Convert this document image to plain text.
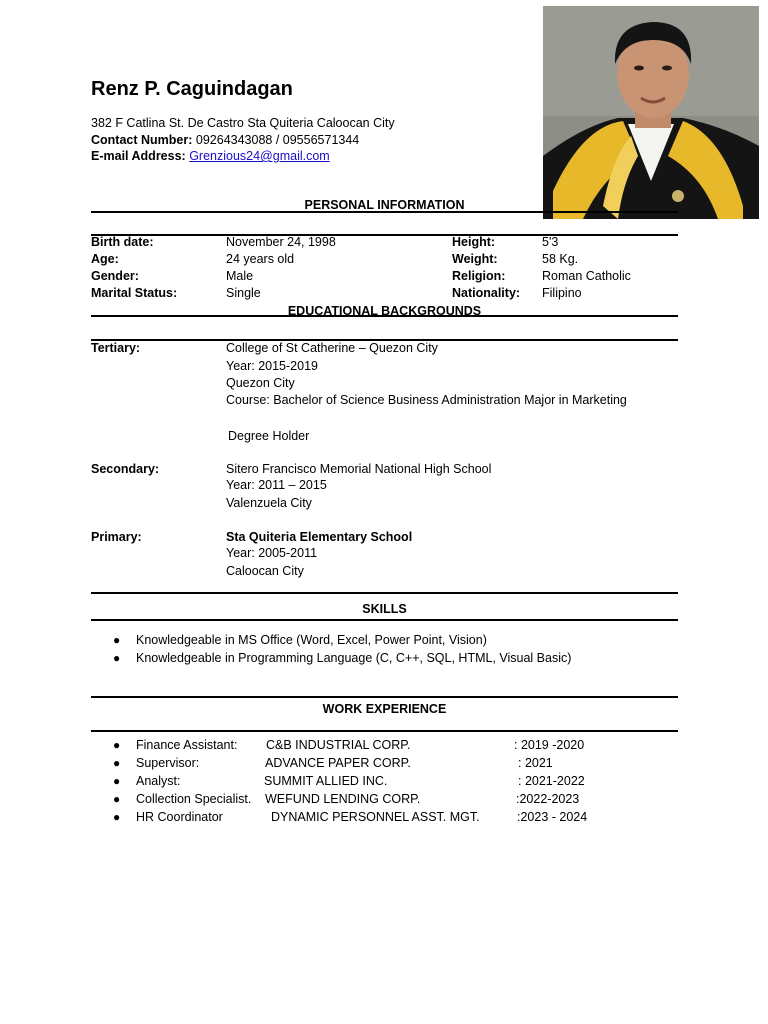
Renz P. Caguindagan
382 F Catlina St. De Castro Sta Quiteria Caloocan City
Contact Number: 09264343088 / 09556571344
E-mail Address: Grenzious24@gmail.com
PERSONAL INFORMATION
Birth date:	November 24, 1998
Age:	24 years old
Gender:	Male
Marital Status:	Single
Height:	5'3
Weight:	58 Kg.
Religion:	Roman Catholic
Nationality: Filipino
EDUCATIONAL BACKGROUNDS
Tertiary:	College of St Catherine – Quezon City
Year: 2015-2019
Quezon City
Course: Bachelor of Science Business Administration Major in Marketing
Degree Holder
Secondary:	Sitero Francisco Memorial National High School
Year: 2011 – 2015
Valenzuela City
Primary:	Sta Quiteria Elementary School
Year: 2005-2011
Caloocan City
SKILLS
● Knowledgeable in MS Office (Word, Excel, Power Point, Vision)
● Knowledgeable in Programming Language (C, C++, SQL, HTML, Visual Basic)
WORK EXPERIENCE
● Finance Assistant: C&B INDUSTRIAL CORP.	: 2019 -2020
● Supervisor:	ADVANCE PAPER CORP.	: 2021
● Analyst:	SUMMIT ALLIED INC.	: 2021-2022
● Collection Specialist. WEFUND LENDING CORP.	:2022-2023
● HR Coordinator	DYNAMIC PERSONNEL ASST. MGT.	:2023 - 2024
